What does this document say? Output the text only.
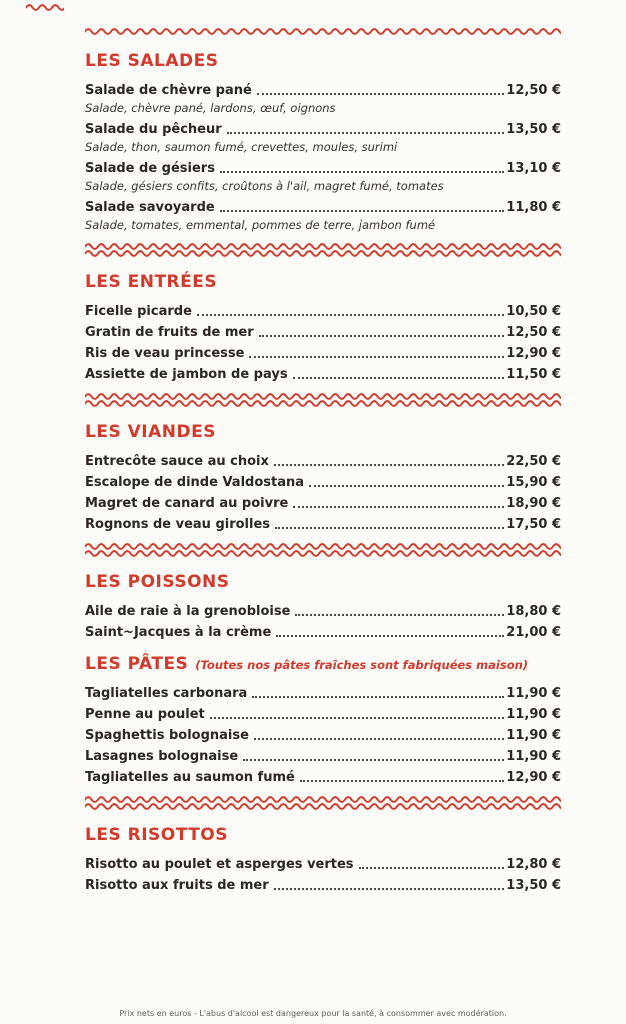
LES SALADES
Salade de chèvre pané	12,50 €
Salade, chèvre pané, lardons, œuf, oignons
Salade du pêcheur	13,50 €
Salade, thon, saumon fumé, crevettes, moules, surimi
Salade de gésiers	13,10 €
Salade, gésiers confits, croûtons à l'ail, magret fumé, tomates
Salade savoyarde	11,80 €
Salade, tomates, emmental, pommes de terre, jambon fumé
LES ENTRÉES
Ficelle picarde	10,50 €
Gratin de fruits de mer	12,50 €
Ris de veau princesse	12,90 €
Assiette de jambon de pays	11,50 €
LES VIANDES
Entrecôte sauce au choix	22,50 €
Escalope de dinde Valdostana	15,90 €
Magret de canard au poivre	18,90 €
Rognons de veau girolles	17,50 €
LES POISSONS
Aile de raie à la grenobloise	18,80 €
Saint~Jacques à la crème	21,00 €
LES PÂTES (Toutes nos pâtes fraîches sont fabriquées maison)
Tagliatelles carbonara	11,90 €
Penne au poulet	11,90 €
Spaghettis bolognaise	11,90 €
Lasagnes bolognaise	11,90 €
Tagliatelles au saumon fumé	12,90 €
LES RISOTTOS
Risotto au poulet et asperges vertes	12,80 €
Risotto aux fruits de mer	13,50 €
Prix nets en euros - L'abus d'alcool est dangereux pour la santé, à consommer avec modération.
